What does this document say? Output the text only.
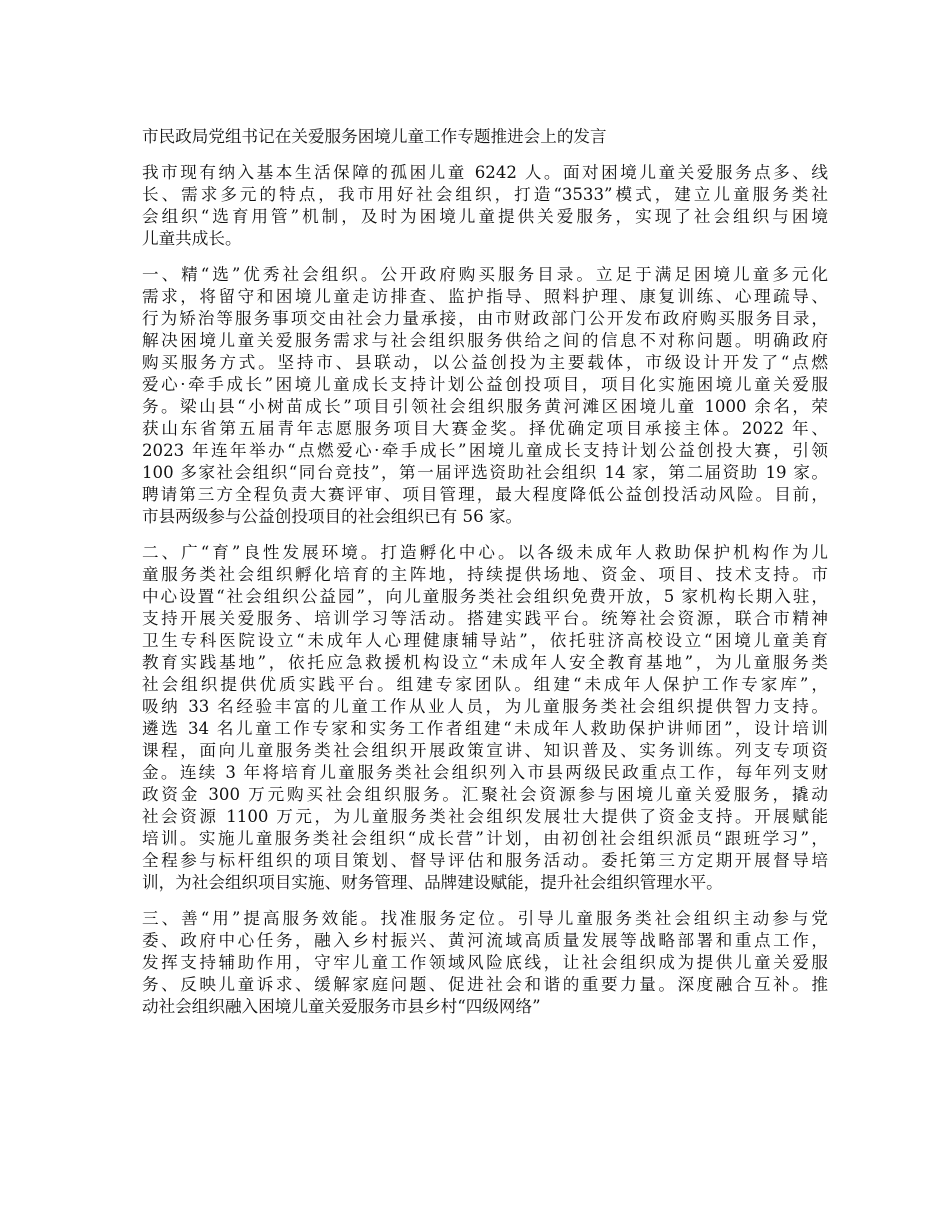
市民政局党组书记在关爱服务困境儿童工作专题推进会上的发言
我市现有纳入基本生活保障的孤困儿童 6242 人。面对困境儿童关爱服务点多、线
长、需求多元的特点，我市用好社会组织，打造“3533”模式，建立儿童服务类社
会组织“选育用管”机制，及时为困境儿童提供关爱服务，实现了社会组织与困境
儿童共成长。
一、精“选”优秀社会组织。公开政府购买服务目录。立足于满足困境儿童多元化
需求，将留守和困境儿童走访排查、监护指导、照料护理、康复训练、心理疏导、
行为矫治等服务事项交由社会力量承接，由市财政部门公开发布政府购买服务目录，
解决困境儿童关爱服务需求与社会组织服务供给之间的信息不对称问题。明确政府
购买服务方式。坚持市、县联动，以公益创投为主要载体，市级设计开发了“点燃
爱心·牵手成长”困境儿童成长支持计划公益创投项目，项目化实施困境儿童关爱服
务。梁山县“小树苗成长”项目引领社会组织服务黄河滩区困境儿童 1000 余名，荣
获山东省第五届青年志愿服务项目大赛金奖。择优确定项目承接主体。2022 年、
2023 年连年举办“点燃爱心·牵手成长”困境儿童成长支持计划公益创投大赛，引领
100 多家社会组织“同台竞技”，第一届评选资助社会组织 14 家，第二届资助 19 家。
聘请第三方全程负责大赛评审、项目管理，最大程度降低公益创投活动风险。目前，
市县两级参与公益创投项目的社会组织已有 56 家。
二、广“育”良性发展环境。打造孵化中心。以各级未成年人救助保护机构作为儿
童服务类社会组织孵化培育的主阵地，持续提供场地、资金、项目、技术支持。市
中心设置“社会组织公益园”，向儿童服务类社会组织免费开放，5 家机构长期入驻，
支持开展关爱服务、培训学习等活动。搭建实践平台。统筹社会资源，联合市精神
卫生专科医院设立“未成年人心理健康辅导站”，依托驻济高校设立“困境儿童美育
教育实践基地”，依托应急救援机构设立“未成年人安全教育基地”，为儿童服务类
社会组织提供优质实践平台。组建专家团队。组建“未成年人保护工作专家库”，
吸纳 33 名经验丰富的儿童工作从业人员，为儿童服务类社会组织提供智力支持。
遴选 34 名儿童工作专家和实务工作者组建“未成年人救助保护讲师团”，设计培训
课程，面向儿童服务类社会组织开展政策宣讲、知识普及、实务训练。列支专项资
金。连续 3 年将培育儿童服务类社会组织列入市县两级民政重点工作，每年列支财
政资金 300 万元购买社会组织服务。汇聚社会资源参与困境儿童关爱服务，撬动
社会资源 1100 万元，为儿童服务类社会组织发展壮大提供了资金支持。开展赋能
培训。实施儿童服务类社会组织“成长营”计划，由初创社会组织派员“跟班学习”，
全程参与标杆组织的项目策划、督导评估和服务活动。委托第三方定期开展督导培
训，为社会组织项目实施、财务管理、品牌建设赋能，提升社会组织管理水平。
三、善“用”提高服务效能。找准服务定位。引导儿童服务类社会组织主动参与党
委、政府中心任务，融入乡村振兴、黄河流域高质量发展等战略部署和重点工作，
发挥支持辅助作用，守牢儿童工作领域风险底线，让社会组织成为提供儿童关爱服
务、反映儿童诉求、缓解家庭问题、促进社会和谐的重要力量。深度融合互补。推
动社会组织融入困境儿童关爱服务市县乡村“四级网络”
